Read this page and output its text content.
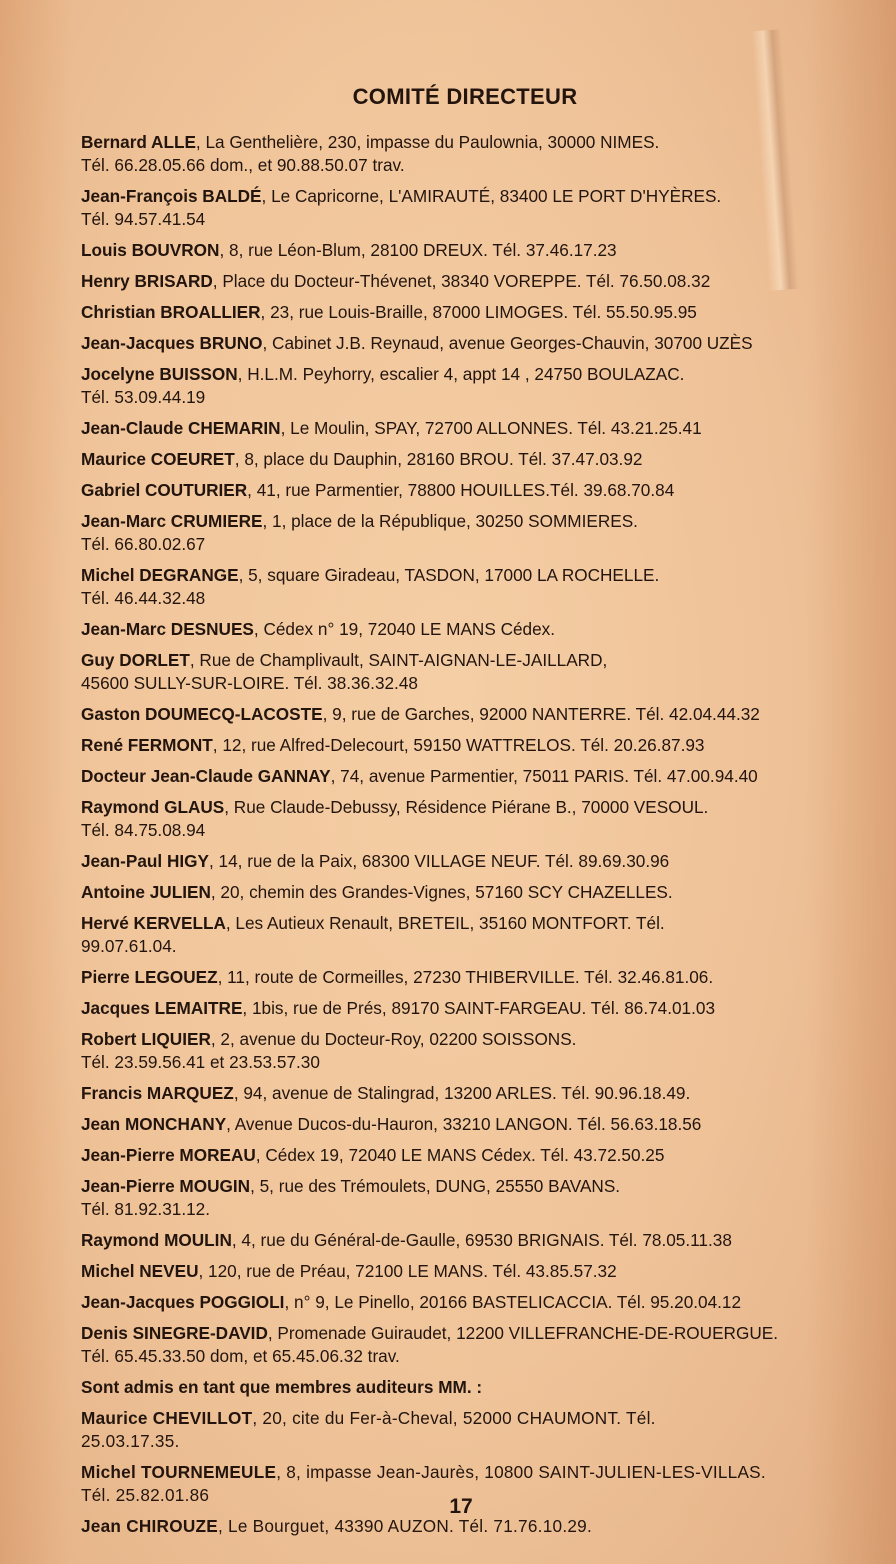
COMITÉ DIRECTEUR
Bernard ALLE, La Genthelière, 230, impasse du Paulownia, 30000 NIMES.
Tél. 66.28.05.66 dom., et 90.88.50.07 trav.
Jean-François BALDÉ, Le Capricorne, L'AMIRAUTÉ, 83400 LE PORT D'HYÈRES.
Tél. 94.57.41.54
Louis BOUVRON, 8, rue Léon-Blum, 28100 DREUX. Tél. 37.46.17.23
Henry BRISARD, Place du Docteur-Thévenet, 38340 VOREPPE. Tél. 76.50.08.32
Christian BROALLIER, 23, rue Louis-Braille, 87000 LIMOGES. Tél. 55.50.95.95
Jean-Jacques BRUNO, Cabinet J.B. Reynaud, avenue Georges-Chauvin, 30700 UZÈS
Jocelyne BUISSON, H.L.M. Peyhorry, escalier 4, appt 14 , 24750 BOULAZAC.
Tél. 53.09.44.19
Jean-Claude CHEMARIN, Le Moulin, SPAY, 72700 ALLONNES. Tél. 43.21.25.41
Maurice COEURET, 8, place du Dauphin, 28160 BROU. Tél. 37.47.03.92
Gabriel COUTURIER, 41, rue Parmentier, 78800 HOUILLES.Tél. 39.68.70.84
Jean-Marc CRUMIERE, 1, place de la République, 30250 SOMMIERES.
Tél. 66.80.02.67
Michel DEGRANGE, 5, square Giradeau, TASDON, 17000 LA ROCHELLE.
Tél. 46.44.32.48
Jean-Marc DESNUES, Cédex n° 19, 72040 LE MANS Cédex.
Guy DORLET, Rue de Champlivault, SAINT-AIGNAN-LE-JAILLARD,
45600 SULLY-SUR-LOIRE. Tél. 38.36.32.48
Gaston DOUMECQ-LACOSTE, 9, rue de Garches, 92000 NANTERRE. Tél. 42.04.44.32
René FERMONT, 12, rue Alfred-Delecourt, 59150 WATTRELOS. Tél. 20.26.87.93
Docteur Jean-Claude GANNAY, 74, avenue Parmentier, 75011 PARIS. Tél. 47.00.94.40
Raymond GLAUS, Rue Claude-Debussy, Résidence Piérane B., 70000 VESOUL.
Tél. 84.75.08.94
Jean-Paul HIGY, 14, rue de la Paix, 68300 VILLAGE NEUF. Tél. 89.69.30.96
Antoine JULIEN, 20, chemin des Grandes-Vignes, 57160 SCY CHAZELLES.
Hervé KERVELLA, Les Autieux Renault, BRETEIL, 35160 MONTFORT. Tél.
99.07.61.04.
Pierre LEGOUEZ, 11, route de Cormeilles, 27230 THIBERVILLE. Tél. 32.46.81.06.
Jacques LEMAITRE, 1bis, rue de Prés, 89170 SAINT-FARGEAU. Tél. 86.74.01.03
Robert LIQUIER, 2, avenue du Docteur-Roy, 02200 SOISSONS.
Tél. 23.59.56.41 et 23.53.57.30
Francis MARQUEZ, 94, avenue de Stalingrad, 13200 ARLES. Tél. 90.96.18.49.
Jean MONCHANY, Avenue Ducos-du-Hauron, 33210 LANGON. Tél. 56.63.18.56
Jean-Pierre MOREAU, Cédex 19, 72040 LE MANS Cédex. Tél. 43.72.50.25
Jean-Pierre MOUGIN, 5, rue des Trémoulets, DUNG, 25550 BAVANS.
Tél. 81.92.31.12.
Raymond MOULIN, 4, rue du Général-de-Gaulle, 69530 BRIGNAIS. Tél. 78.05.11.38
Michel NEVEU, 120, rue de Préau, 72100 LE MANS. Tél. 43.85.57.32
Jean-Jacques POGGIOLI, n° 9, Le Pinello, 20166 BASTELICACCIA. Tél. 95.20.04.12
Denis SINEGRE-DAVID, Promenade Guiraudet, 12200 VILLEFRANCHE-DE-ROUERGUE.
Tél. 65.45.33.50 dom, et 65.45.06.32 trav.
Sont admis en tant que membres auditeurs MM. :
Maurice CHEVILLOT, 20, cite du Fer-à-Cheval, 52000 CHAUMONT. Tél.
25.03.17.35.
Michel TOURNEMEULE, 8, impasse Jean-Jaurès, 10800 SAINT-JULIEN-LES-VILLAS.
Tél. 25.82.01.86
Jean CHIROUZE, Le Bourguet, 43390 AUZON. Tél. 71.76.10.29.
17
